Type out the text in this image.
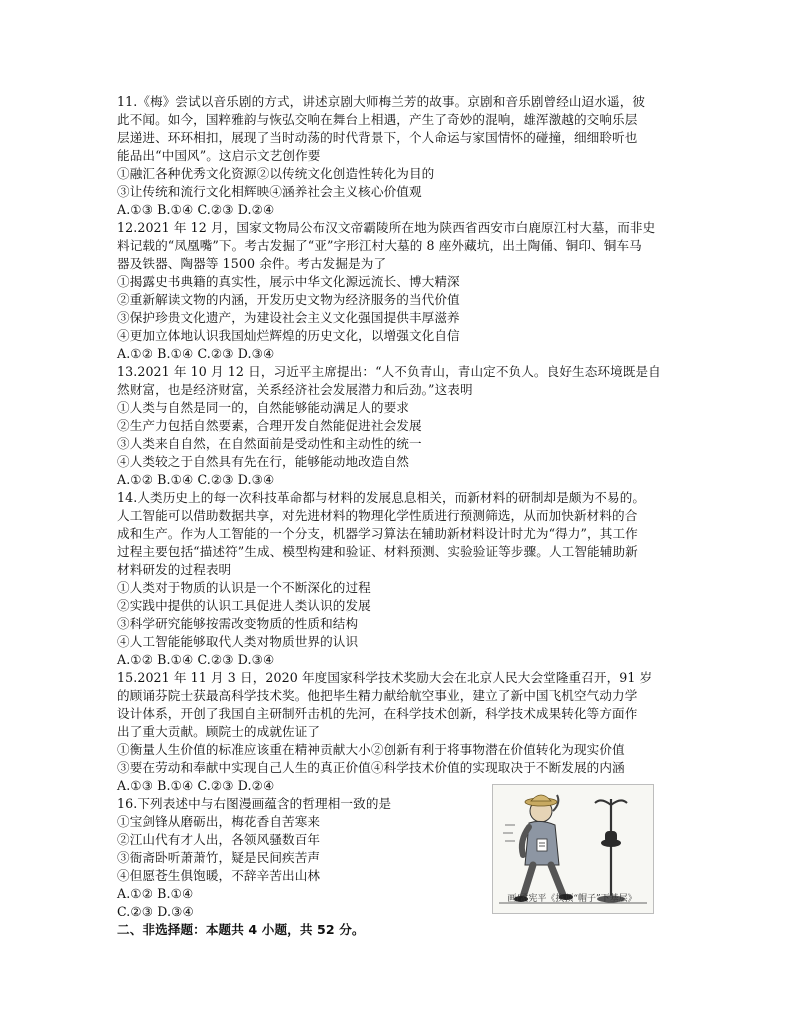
11.《梅》尝试以音乐剧的方式，讲述京剧大师梅兰芳的故事。京剧和音乐剧曾经山迢水遥，彼
此不闻。如今，国粹雅韵与恢弘交响在舞台上相遇，产生了奇妙的混响，雄浑激越的交响乐层
层递进、环环相扣，展现了当时动荡的时代背景下，个人命运与家国情怀的碰撞，细细聆听也
能品出“中国风”。这启示文艺创作要
①融汇各种优秀文化资源②以传统文化创造性转化为目的
③让传统和流行文化相辉映④涵养社会主义核心价值观
A.①③ B.①④ C.②③ D.②④
12.2021 年 12 月，国家文物局公布汉文帝霸陵所在地为陕西省西安市白鹿原江村大墓，而非史
料记载的“凤凰嘴”下。考古发掘了“亚”字形江村大墓的 8 座外藏坑，出土陶俑、铜印、铜车马
器及铁器、陶器等 1500 余件。考古发掘是为了
①揭露史书典籍的真实性，展示中华文化源远流长、博大精深
②重新解读文物的内涵，开发历史文物为经济服务的当代价值
③保护珍贵文化遗产，为建设社会主义文化强国提供丰厚滋养
④更加立体地认识我国灿烂辉煌的历史文化，以增强文化自信
A.①② B.①④ C.②③ D.③④
13.2021 年 10 月 12 日，习近平主席提出：“人不负青山，青山定不负人。良好生态环境既是自
然财富，也是经济财富，关系经济社会发展潜力和后劲。”这表明
①人类与自然是同一的，自然能够能动满足人的要求
②生产力包括自然要素，合理开发自然能促进社会发展
③人类来自自然，在自然面前是受动性和主动性的统一
④人类较之于自然具有先在行，能够能动地改造自然
A.①② B.①④ C.②③ D.③④
14.人类历史上的每一次科技革命都与材料的发展息息相关，而新材料的研制却是颇为不易的。
人工智能可以借助数据共享，对先进材料的物理化学性质进行预测筛选，从而加快新材料的合
成和生产。作为人工智能的一个分支，机器学习算法在辅助新材料设计时尤为“得力”，其工作
过程主要包括“描述符”生成、模型构建和验证、材料预测、实验验证等步骤。人工智能辅助新
材料研发的过程表明
①人类对于物质的认识是一个不断深化的过程
②实践中提供的认识工具促进人类认识的发展
③科学研究能够按需改变物质的性质和结构
④人工智能能够取代人类对物质世界的认识
A.①② B.①④ C.②③ D.③④
15.2021 年 11 月 3 日，2020 年度国家科学技术奖励大会在北京人民大会堂隆重召开，91 岁
的顾诵芬院士获最高科学技术奖。他把毕生精力献给航空事业，建立了新中国飞机空气动力学
设计体系，开创了我国自主研制歼击机的先河，在科学技术创新，科学技术成果转化等方面作
出了重大贡献。顾院士的成就佐证了
①衡量人生价值的标准应该重在精神贡献大小②创新有利于将事物潜在价值转化为现实价值
③要在劳动和奉献中实现自己人生的真正价值④科学技术价值的实现取决于不断发展的内涵
A.①③ B.①④ C.②③ D.②④
16.下列表述中与右图漫画蕴含的哲理相一致的是
①宝剑锋从磨砺出，梅花香自苦寒来
②江山代有才人出，各领风骚数百年
③衙斋卧听萧萧竹，疑是民间疾苦声
④但愿苍生俱饱暖，不辞辛苦出山林
A.①② B.①④
C.②③ D.③④
二、非选择题：本题共 4 小题，共 52 分。
画/孟宪平《换顶“帽子”下基层》
